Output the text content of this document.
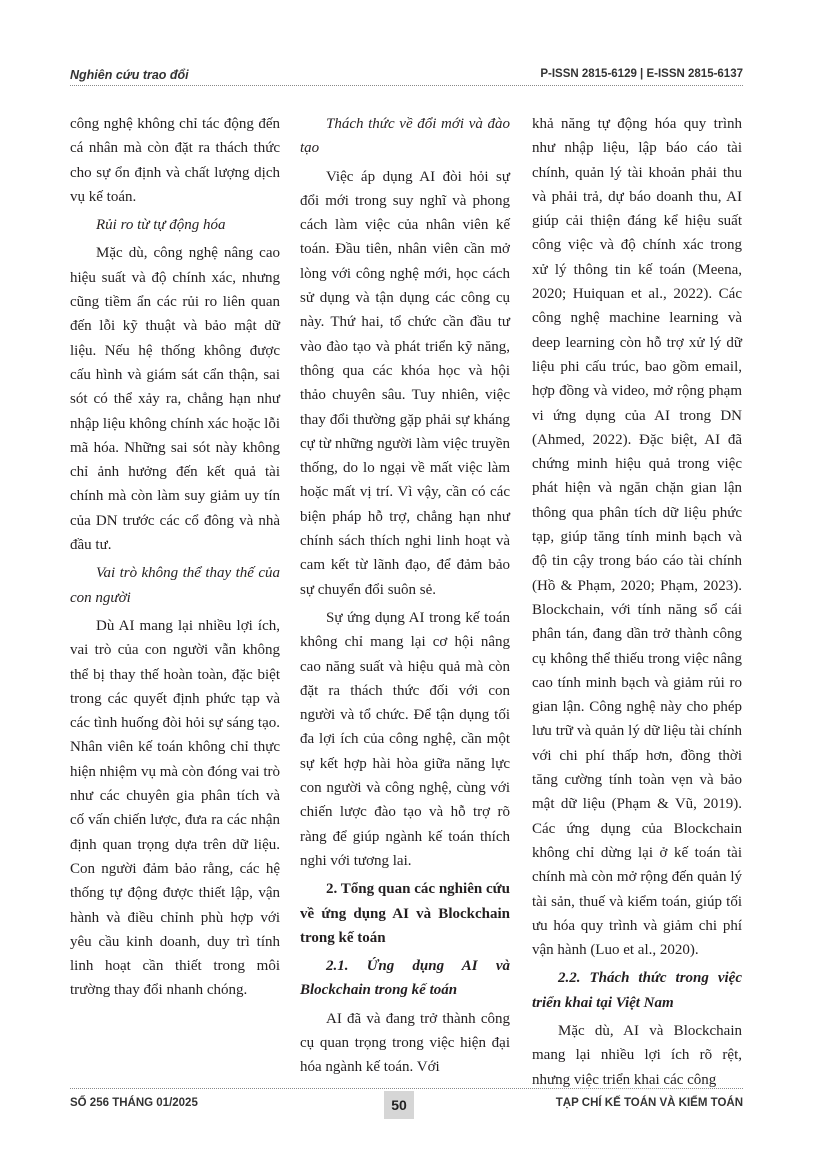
Nghiên cứu trao đổi	P-ISSN 2815-6129 | E-ISSN 2815-6137

công nghệ không chỉ tác động đến cá nhân mà còn đặt ra thách thức cho sự ổn định và chất lượng dịch vụ kế toán.

Rủi ro từ tự động hóa

Mặc dù, công nghệ nâng cao hiệu suất và độ chính xác, nhưng cũng tiềm ẩn các rủi ro liên quan đến lỗi kỹ thuật và bảo mật dữ liệu. Nếu hệ thống không được cấu hình và giám sát cẩn thận, sai sót có thể xảy ra, chẳng hạn như nhập liệu không chính xác hoặc lỗi mã hóa. Những sai sót này không chỉ ảnh hưởng đến kết quả tài chính mà còn làm suy giảm uy tín của DN trước các cổ đông và nhà đầu tư.

Vai trò không thể thay thế của con người

Dù AI mang lại nhiều lợi ích, vai trò của con người vẫn không thể bị thay thế hoàn toàn, đặc biệt trong các quyết định phức tạp và các tình huống đòi hỏi sự sáng tạo. Nhân viên kế toán không chỉ thực hiện nhiệm vụ mà còn đóng vai trò như các chuyên gia phân tích và cố vấn chiến lược, đưa ra các nhận định quan trọng dựa trên dữ liệu. Con người đảm bảo rằng, các hệ thống tự động được thiết lập, vận hành và điều chỉnh phù hợp với yêu cầu kinh doanh, duy trì tính linh hoạt cần thiết trong môi trường thay đổi nhanh chóng.

Thách thức về đổi mới và đào tạo

Việc áp dụng AI đòi hỏi sự đổi mới trong suy nghĩ và phong cách làm việc của nhân viên kế toán. Đầu tiên, nhân viên cần mở lòng với công nghệ mới, học cách sử dụng và tận dụng các công cụ này. Thứ hai, tổ chức cần đầu tư vào đào tạo và phát triển kỹ năng, thông qua các khóa học và hội thảo chuyên sâu. Tuy nhiên, việc thay đổi thường gặp phải sự kháng cự từ những người làm việc truyền thống, do lo ngại về mất việc làm hoặc mất vị trí. Vì vậy, cần có các biện pháp hỗ trợ, chẳng hạn như chính sách thích nghi linh hoạt và cam kết từ lãnh đạo, để đảm bảo sự chuyển đổi suôn sẻ.

Sự ứng dụng AI trong kế toán không chỉ mang lại cơ hội nâng cao năng suất và hiệu quả mà còn đặt ra thách thức đối với con người và tổ chức. Để tận dụng tối đa lợi ích của công nghệ, cần một sự kết hợp hài hòa giữa năng lực con người và công nghệ, cùng với chiến lược đào tạo và hỗ trợ rõ ràng để giúp ngành kế toán thích nghi với tương lai.

2. Tổng quan các nghiên cứu về ứng dụng AI và Blockchain trong kế toán

2.1. Ứng dụng AI và Blockchain trong kế toán

AI đã và đang trở thành công cụ quan trọng trong việc hiện đại hóa ngành kế toán. Với

khả năng tự động hóa quy trình như nhập liệu, lập báo cáo tài chính, quản lý tài khoản phải thu và phải trả, dự báo doanh thu, AI giúp cải thiện đáng kể hiệu suất công việc và độ chính xác trong xử lý thông tin kế toán (Meena, 2020; Huiquan et al., 2022). Các công nghệ machine learning và deep learning còn hỗ trợ xử lý dữ liệu phi cấu trúc, bao gồm email, hợp đồng và video, mở rộng phạm vi ứng dụng của AI trong DN (Ahmed, 2022). Đặc biệt, AI đã chứng minh hiệu quả trong việc phát hiện và ngăn chặn gian lận thông qua phân tích dữ liệu phức tạp, giúp tăng tính minh bạch và độ tin cậy trong báo cáo tài chính (Hồ & Phạm, 2020; Phạm, 2023). Blockchain, với tính năng sổ cái phân tán, đang dần trở thành công cụ không thể thiếu trong việc nâng cao tính minh bạch và giảm rủi ro gian lận. Công nghệ này cho phép lưu trữ và quản lý dữ liệu tài chính với chi phí thấp hơn, đồng thời tăng cường tính toàn vẹn và bảo mật dữ liệu (Phạm & Vũ, 2019). Các ứng dụng của Blockchain không chỉ dừng lại ở kế toán tài chính mà còn mở rộng đến quản lý tài sản, thuế và kiểm toán, giúp tối ưu hóa quy trình và giảm chi phí vận hành (Luo et al., 2020).

2.2. Thách thức trong việc triển khai tại Việt Nam

Mặc dù, AI và Blockchain mang lại nhiều lợi ích rõ rệt, nhưng việc triển khai các công

SỐ 256 THÁNG 01/2025	50	TẠP CHÍ KẾ TOÁN VÀ KIỂM TOÁN
